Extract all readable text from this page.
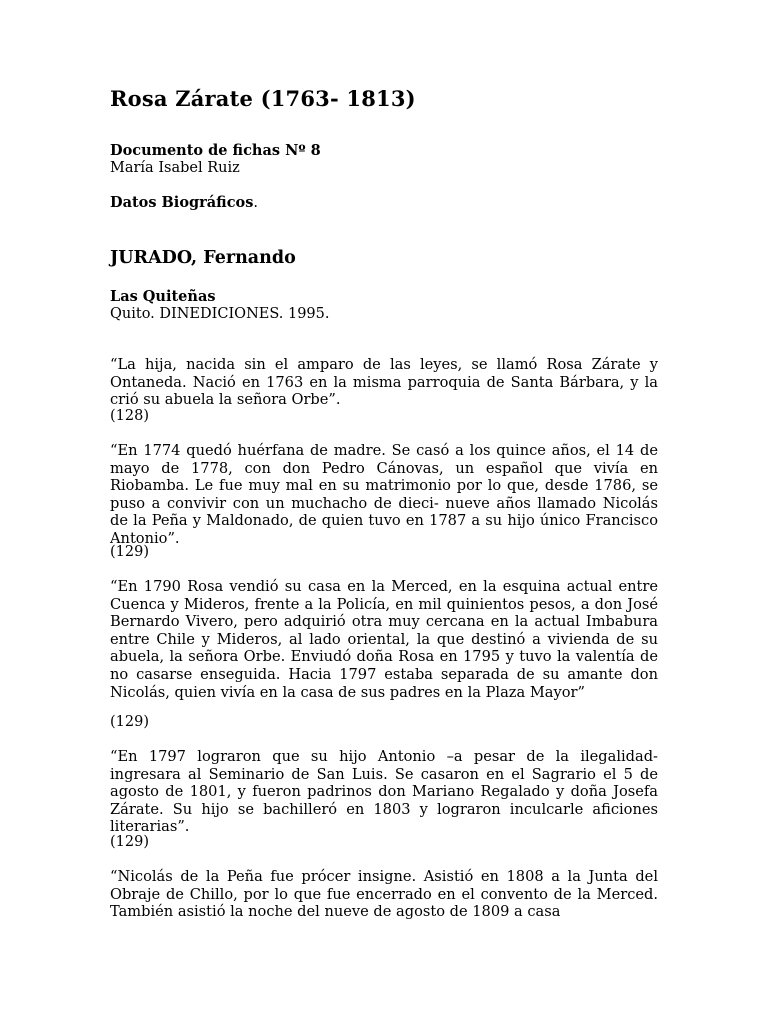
Rosa Zárate (1763- 1813)

Documento de fichas Nº 8

María Isabel Ruiz

Datos Biográficos.

JURADO, Fernando

Las Quiteñas

Quito. DINEDICIONES. 1995.

“La hija, nacida sin el amparo de las leyes, se llamó Rosa Zárate y Ontaneda. Nació en 1763 en la misma parroquia de Santa Bárbara, y la crió su abuela la señora Orbe”.

(128)

“En 1774 quedó huérfana de madre. Se casó a los quince años, el 14 de mayo de 1778, con don Pedro Cánovas, un español que vivía en Riobamba. Le fue muy mal en su matrimonio por lo que, desde 1786, se puso a convivir con un muchacho de dieci- nueve años llamado Nicolás de la Peña y Maldonado, de quien tuvo en 1787 a su hijo único Francisco Antonio”.

(129)

“En 1790 Rosa vendió su casa en la Merced, en la esquina actual entre Cuenca y Mideros, frente a la Policía, en mil quinientos pesos, a don José Bernardo Vivero, pero adquirió otra muy cercana en la actual Imbabura entre Chile y Mideros, al lado oriental, la que destinó a vivienda de su abuela, la señora Orbe. Enviudó doña Rosa en 1795 y tuvo la valentía de no casarse enseguida. Hacia 1797 estaba separada de su amante don Nicolás, quien vivía en la casa de sus padres en la Plaza Mayor”

(129)

“En 1797 lograron que su hijo Antonio –a pesar de la ilegalidad- ingresara al Seminario de San Luis. Se casaron en el Sagrario el 5 de agosto de 1801, y fueron padrinos don Mariano Regalado y doña Josefa Zárate. Su hijo se bachilleró en 1803 y lograron inculcarle aficiones literarias”.

(129)

“Nicolás de la Peña fue prócer insigne. Asistió en 1808 a la Junta del Obraje de Chillo, por lo que fue encerrado en el convento de la Merced. También asistió la noche del nueve de agosto de 1809 a casa
